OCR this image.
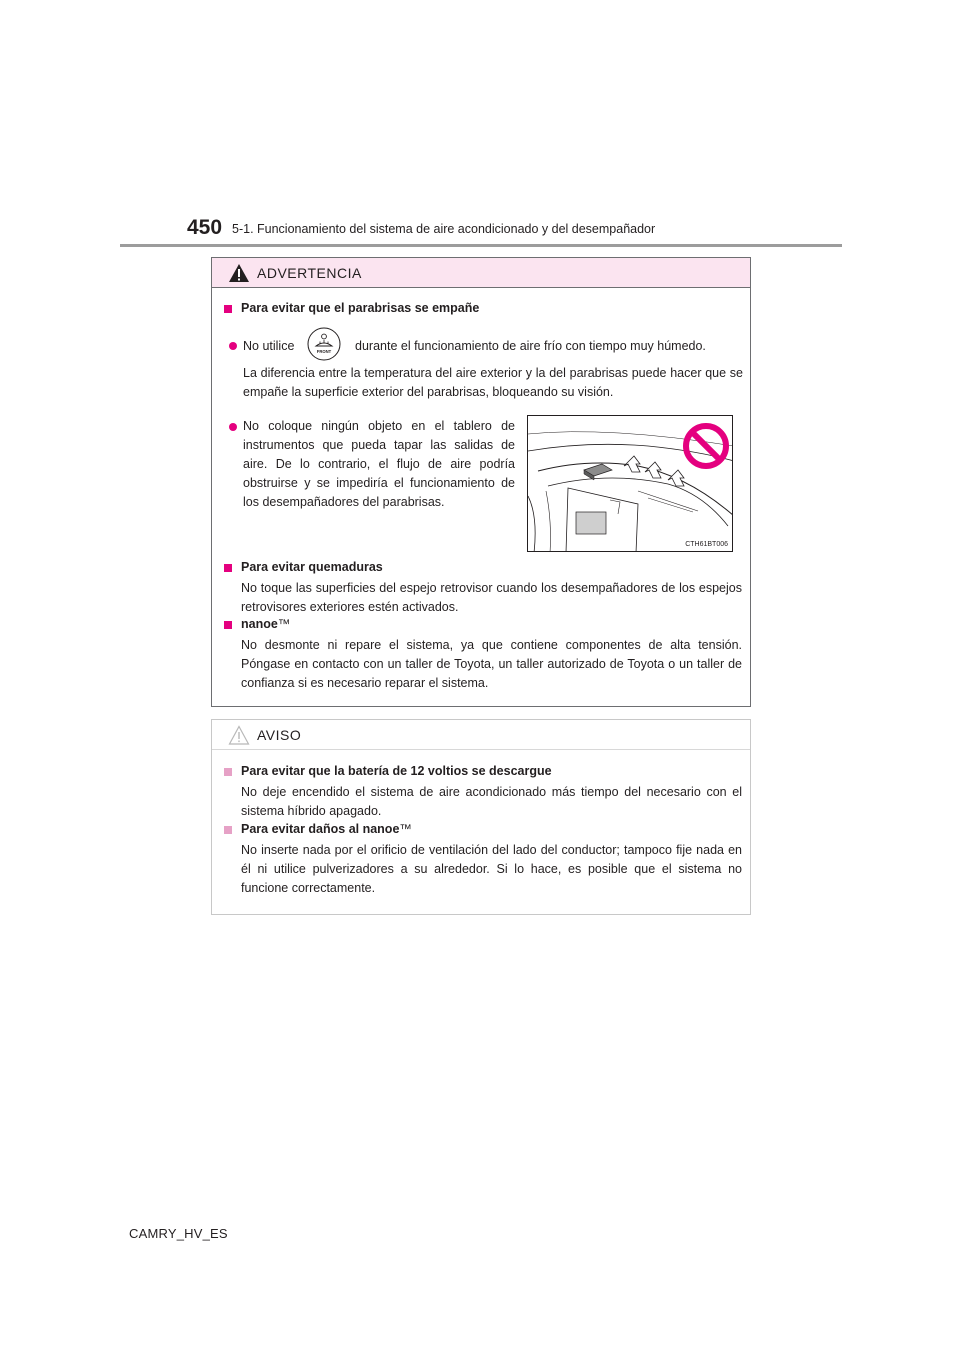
450 5-1. Funcionamiento del sistema de aire acondicionado y del desempañador
ADVERTENCIA
Para evitar que el parabrisas se empañe
No utilice	FRONT durante el funcionamiento de aire frío con tiempo muy húmedo.
La diferencia entre la temperatura del aire exterior y la del parabrisas puede hacer que se empañe la superficie exterior del parabrisas, bloqueando su visión.
No coloque ningún objeto en el tablero de instrumentos que pueda tapar las salidas de aire. De lo contrario, el flujo de aire podría obstruirse y se impediría el funcionamiento de los desempañadores del parabrisas.
CTH61BT006
Para evitar quemaduras
No toque las superficies del espejo retrovisor cuando los desempañadores de los espejos retrovisores exteriores estén activados.
nanoe™
No desmonte ni repare el sistema, ya que contiene componentes de alta tensión. Póngase en contacto con un taller de Toyota, un taller autorizado de Toyota o un taller de confianza si es necesario reparar el sistema.
AVISO
Para evitar que la batería de 12 voltios se descargue
No deje encendido el sistema de aire acondicionado más tiempo del necesario con el sistema híbrido apagado.
Para evitar daños al nanoe™
No inserte nada por el orificio de ventilación del lado del conductor; tampoco fije nada en él ni utilice pulverizadores a su alrededor. Si lo hace, es posible que el sistema no funcione correctamente.
CAMRY_HV_ES
